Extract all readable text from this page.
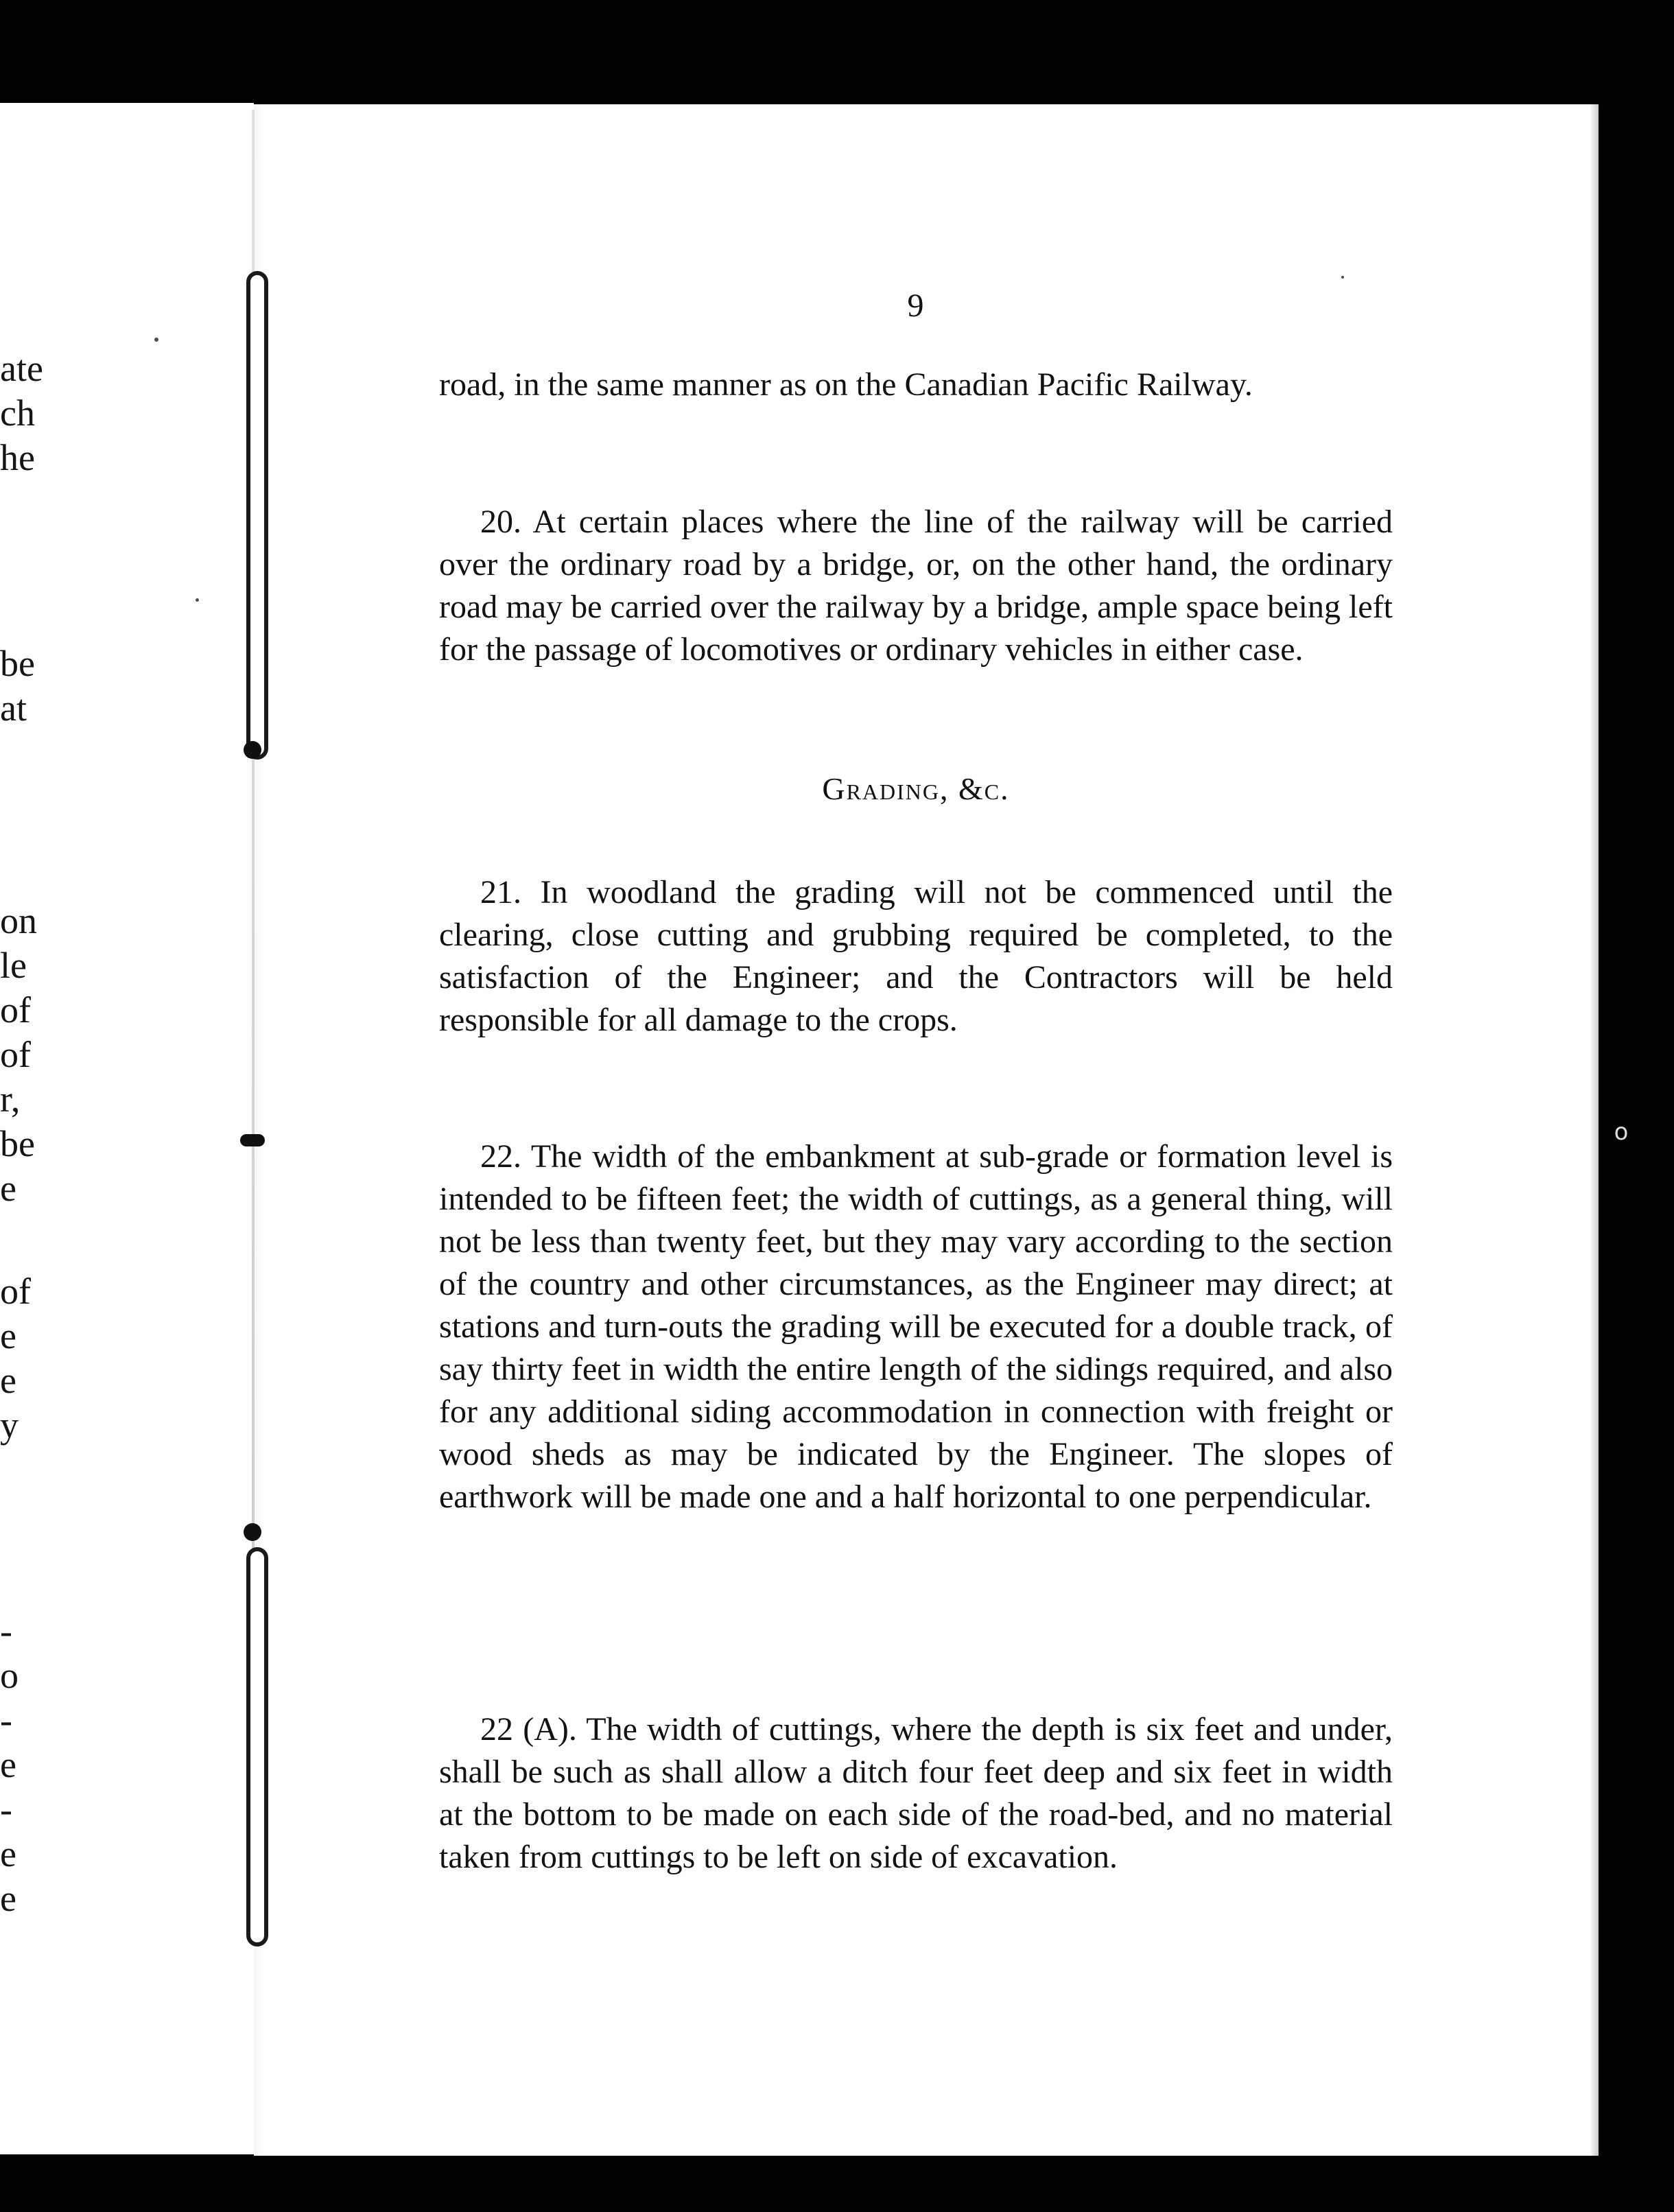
ate
ch
he
be
at
on
le
of
of
r,
be
e
of
e
e
y
-
o
-
e
-
e
e
9
road, in the same manner as on the Canadian Pacific Railway.
20. At certain places where the line of the railway will be carried over the ordinary road by a bridge, or, on the other hand, the ordinary road may be carried over the railway by a bridge, ample space being left for the passage of locomotives or ordinary vehicles in either case.
Grading, &c.
21. In woodland the grading will not be commenced until the clearing, close cutting and grubbing required be completed, to the satisfaction of the Engineer; and the Contractors will be held responsible for all damage to the crops.
22. The width of the embankment at sub-grade or formation level is intended to be fifteen feet; the width of cuttings, as a general thing, will not be less than twenty feet, but they may vary according to the section of the country and other circumstances, as the Engineer may direct; at stations and turn-outs the grading will be executed for a double track, of say thirty feet in width the entire length of the sidings required, and also for any additional siding accommodation in connection with freight or wood sheds as may be indicated by the Engineer. The slopes of earthwork will be made one and a half horizontal to one perpendicular.
22 (A). The width of cuttings, where the depth is six feet and under, shall be such as shall allow a ditch four feet deep and six feet in width at the bottom to be made on each side of the road-bed, and no material taken from cuttings to be left on side of excavation.
o
